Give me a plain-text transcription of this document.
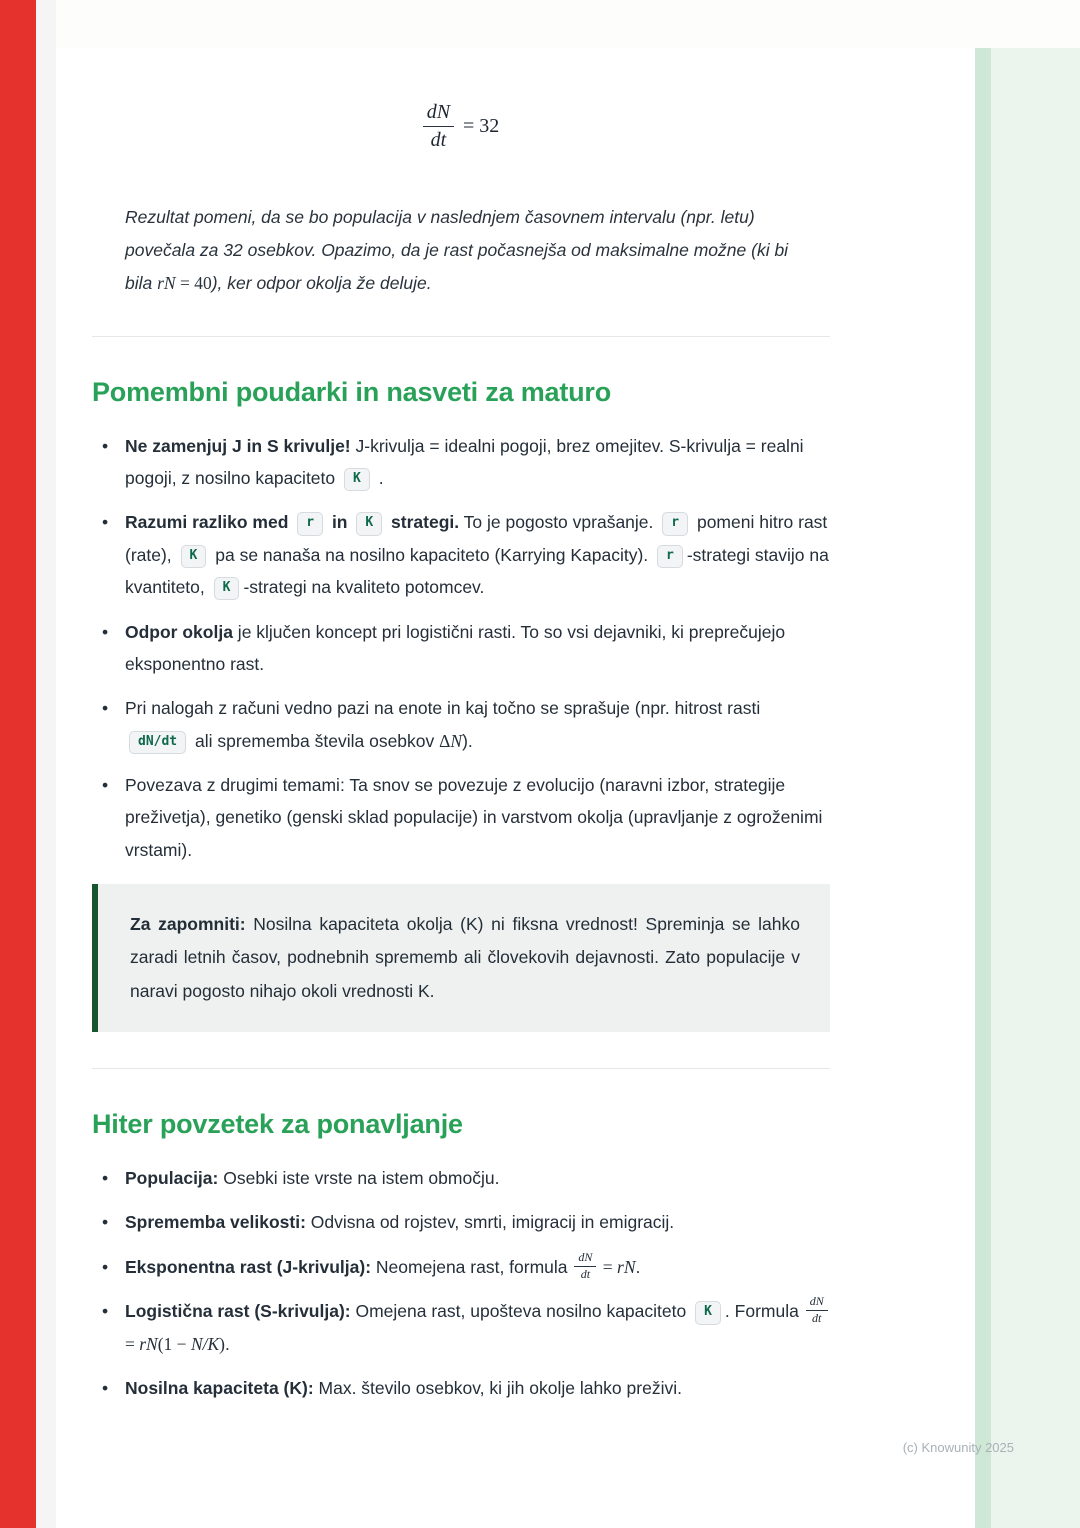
$\frac{dN}{dt} = 32$

Rezultat pomeni, da se bo populacija v naslednjem časovnem intervalu (npr. letu) povečala za 32 osebkov. Opazimo, da je rast počasnejša od maksimalne možne (ki bi bila rN = 40), ker odpor okolja že deluje.

Pomembni poudarki in nasveti za maturo
• Ne zamenjuj J in S krivulje! J-krivulja = idealni pogoji, brez omejitev. S-krivulja = realni pogoji, z nosilno kapaciteto K .
• Razumi razliko med r in K strategi. To je pogosto vprašanje. r pomeni hitro rast (rate), K pa se nanaša na nosilno kapaciteto (Karrying Kapacity). r -strategi stavijo na kvantiteto, K -strategi na kvaliteto potomcev.
• Odpor okolja je ključen koncept pri logistični rasti. To so vsi dejavniki, ki preprečujejo eksponentno rast.
• Pri nalogah z računi vedno pazi na enote in kaj točno se sprašuje (npr. hitrost rasti dN/dt ali sprememba števila osebkov ΔN).
• Povezava z drugimi temami: Ta snov se povezuje z evolucijo (naravni izbor, strategije preživetja), genetiko (genski sklad populacije) in varstvom okolja (upravljanje z ogroženimi vrstami).

Za zapomniti: Nosilna kapaciteta okolja (K) ni fiksna vrednost! Spreminja se lahko zaradi letnih časov, podnebnih sprememb ali človekovih dejavnosti. Zato populacije v naravi pogosto nihajo okoli vrednosti K.

Hiter povzetek za ponavljanje
• Populacija: Osebki iste vrste na istem območju.
• Sprememba velikosti: Odvisna od rojstev, smrti, imigracij in emigracij.
• Eksponentna rast (J-krivulja): Neomejena rast, formula $\frac{dN}{dt}$ = rN.
• Logistična rast (S-krivulja): Omejena rast, upošteva nosilno kapaciteto K . Formula $\frac{dN}{dt}$
= rN(1 − N/K).
• Nosilna kapaciteta (K): Max. število osebkov, ki jih okolje lahko preživi.
(c) Knowunity 2025
